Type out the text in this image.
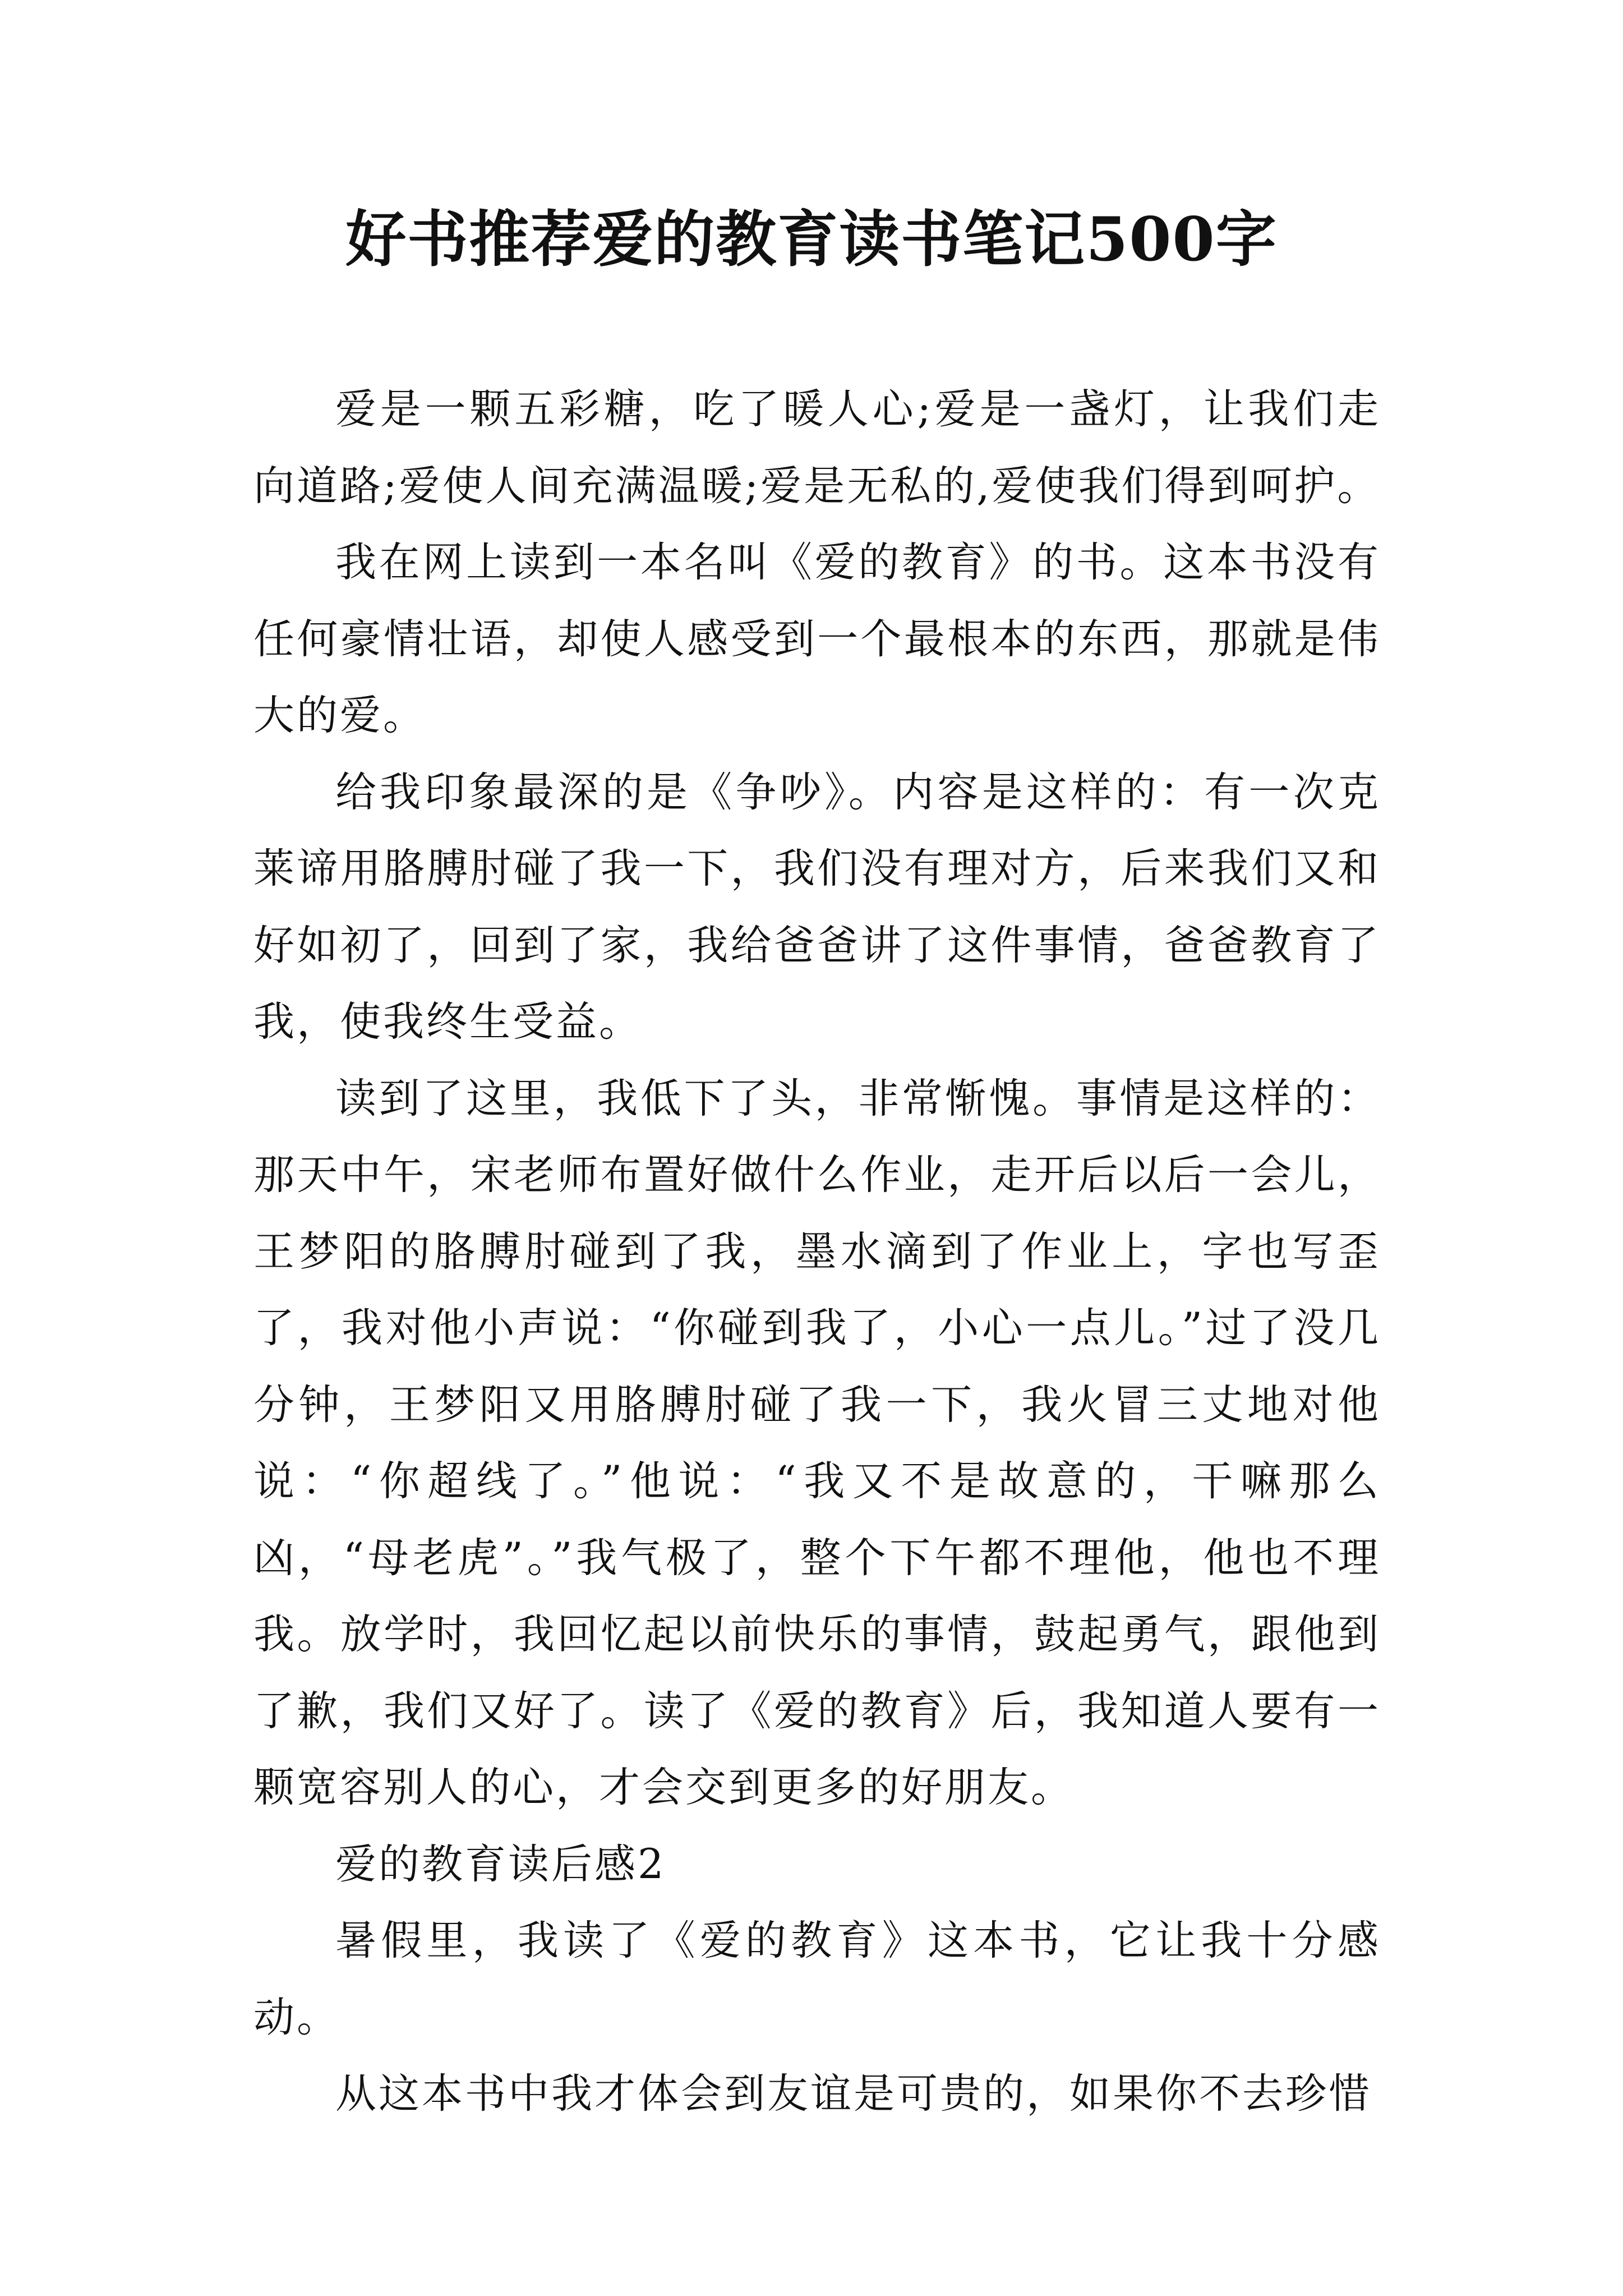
好书推荐爱的教育读书笔记500字

爱是一颗五彩糖，吃了暖人心;爱是一盏灯，让我们走向道路;爱使人间充满温暖;爱是无私的,爱使我们得到呵护。

我在网上读到一本名叫《爱的教育》的书。这本书没有任何豪情壮语，却使人感受到一个最根本的东西，那就是伟大的爱。

给我印象最深的是《争吵》。内容是这样的：有一次克莱谛用胳膊肘碰了我一下，我们没有理对方，后来我们又和好如初了，回到了家，我给爸爸讲了这件事情，爸爸教育了我，使我终生受益。

读到了这里，我低下了头，非常惭愧。事情是这样的：那天中午，宋老师布置好做什么作业，走开后以后一会儿，王梦阳的胳膊肘碰到了我，墨水滴到了作业上，字也写歪了，我对他小声说：“你碰到我了，小心一点儿。”过了没几分钟，王梦阳又用胳膊肘碰了我一下，我火冒三丈地对他说：“你超线了。”他说：“我又不是故意的，干嘛那么凶，“母老虎”。”我气极了，整个下午都不理他，他也不理我。放学时，我回忆起以前快乐的事情，鼓起勇气，跟他到了歉，我们又好了。读了《爱的教育》后，我知道人要有一颗宽容别人的心，才会交到更多的好朋友。

爱的教育读后感2

暑假里，我读了《爱的教育》这本书，它让我十分感动。

从这本书中我才体会到友谊是可贵的，如果你不去珍惜
